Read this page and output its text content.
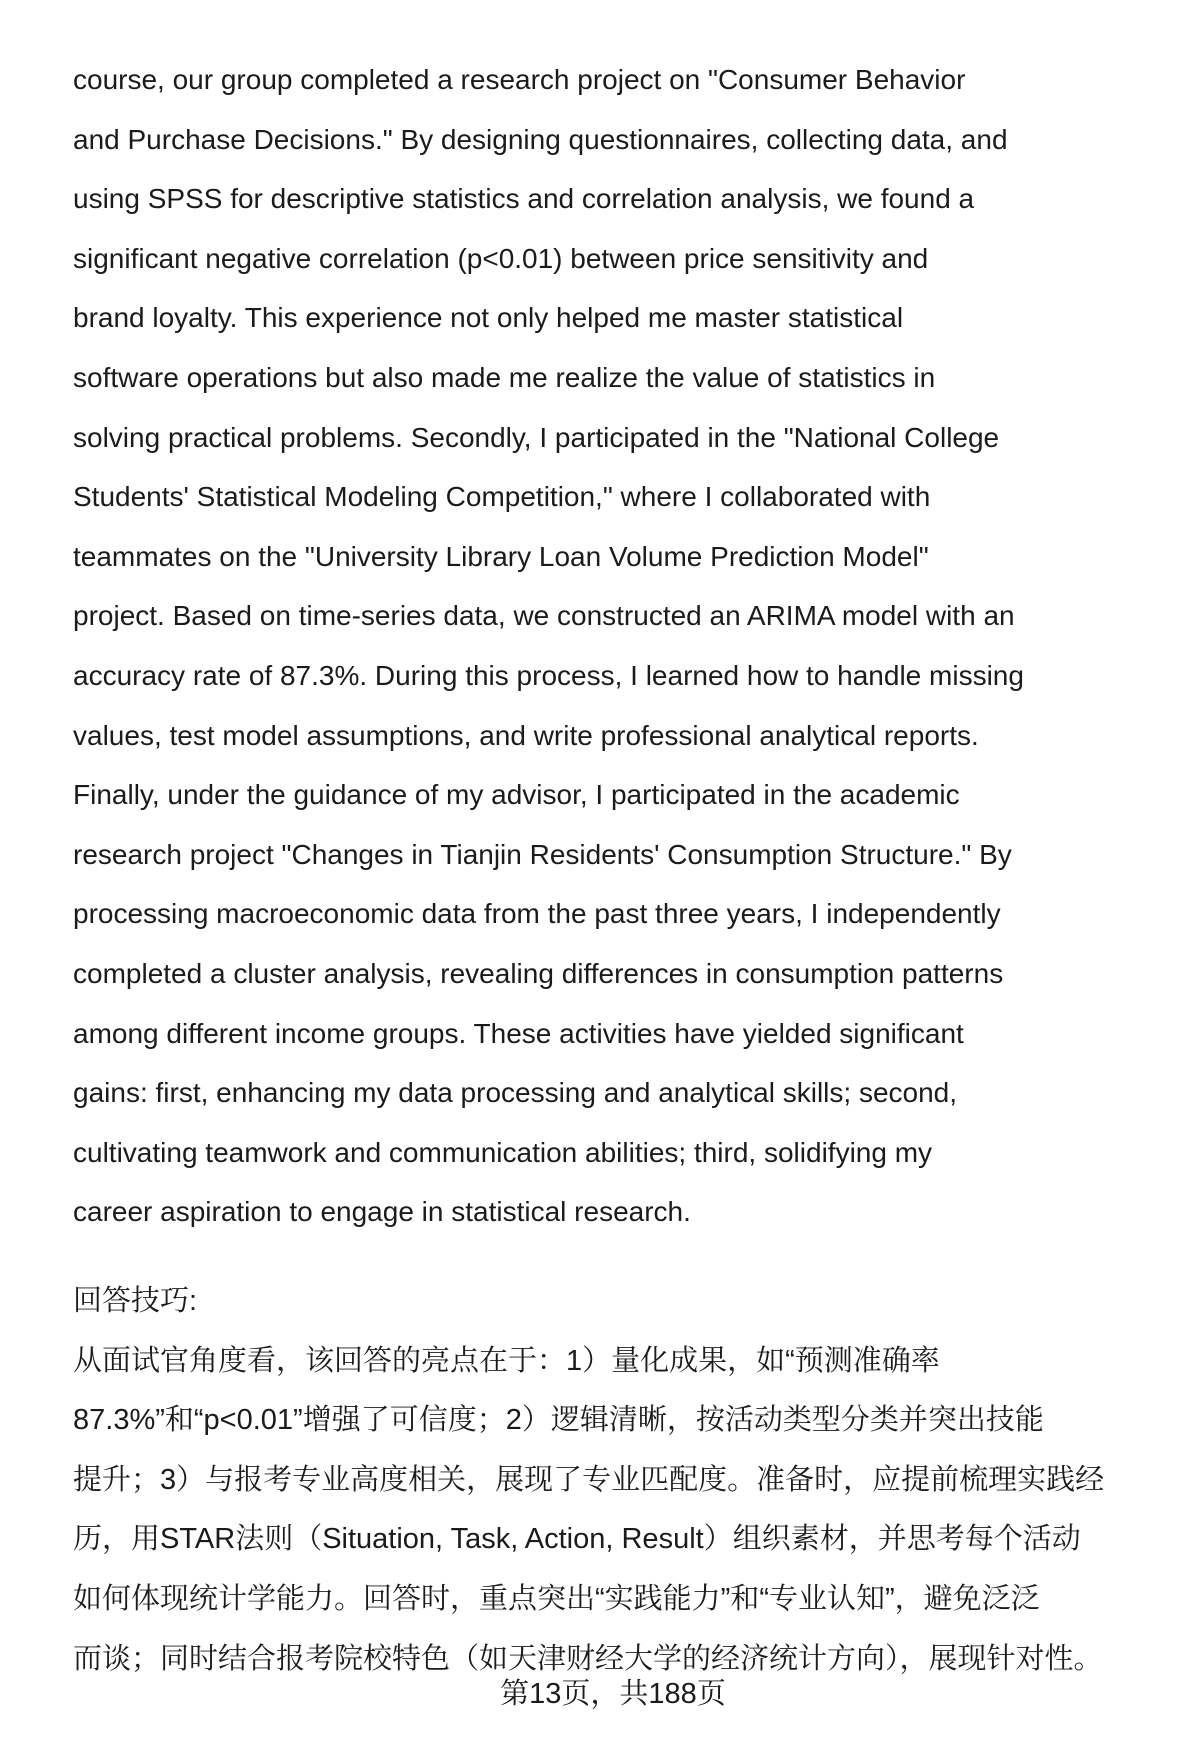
course, our group completed a research project on "Consumer Behavior
and Purchase Decisions." By designing questionnaires, collecting data, and
using SPSS for descriptive statistics and correlation analysis, we found a
significant negative correlation (p<0.01) between price sensitivity and
brand loyalty. This experience not only helped me master statistical
software operations but also made me realize the value of statistics in
solving practical problems. Secondly, I participated in the "National College
Students' Statistical Modeling Competition," where I collaborated with
teammates on the "University Library Loan Volume Prediction Model"
project. Based on time-series data, we constructed an ARIMA model with an
accuracy rate of 87.3%. During this process, I learned how to handle missing
values, test model assumptions, and write professional analytical reports.
Finally, under the guidance of my advisor, I participated in the academic
research project "Changes in Tianjin Residents' Consumption Structure." By
processing macroeconomic data from the past three years, I independently
completed a cluster analysis, revealing differences in consumption patterns
among different income groups. These activities have yielded significant
gains: first, enhancing my data processing and analytical skills; second,
cultivating teamwork and communication abilities; third, solidifying my
career aspiration to engage in statistical research.
回答技巧:
从面试官角度看，该回答的亮点在于：1）量化成果，如“预测准确率
87.3%”和“p<0.01”增强了可信度；2）逻辑清晰，按活动类型分类并突出技能
提升；3）与报考专业高度相关，展现了专业匹配度。准备时，应提前梳理实践经
历，用STAR法则（Situation, Task, Action, Result）组织素材，并思考每个活动
如何体现统计学能力。回答时，重点突出“实践能力”和“专业认知”，避免泛泛
而谈；同时结合报考院校特色（如天津财经大学的经济统计方向），展现针对性。
第13页，共188页
